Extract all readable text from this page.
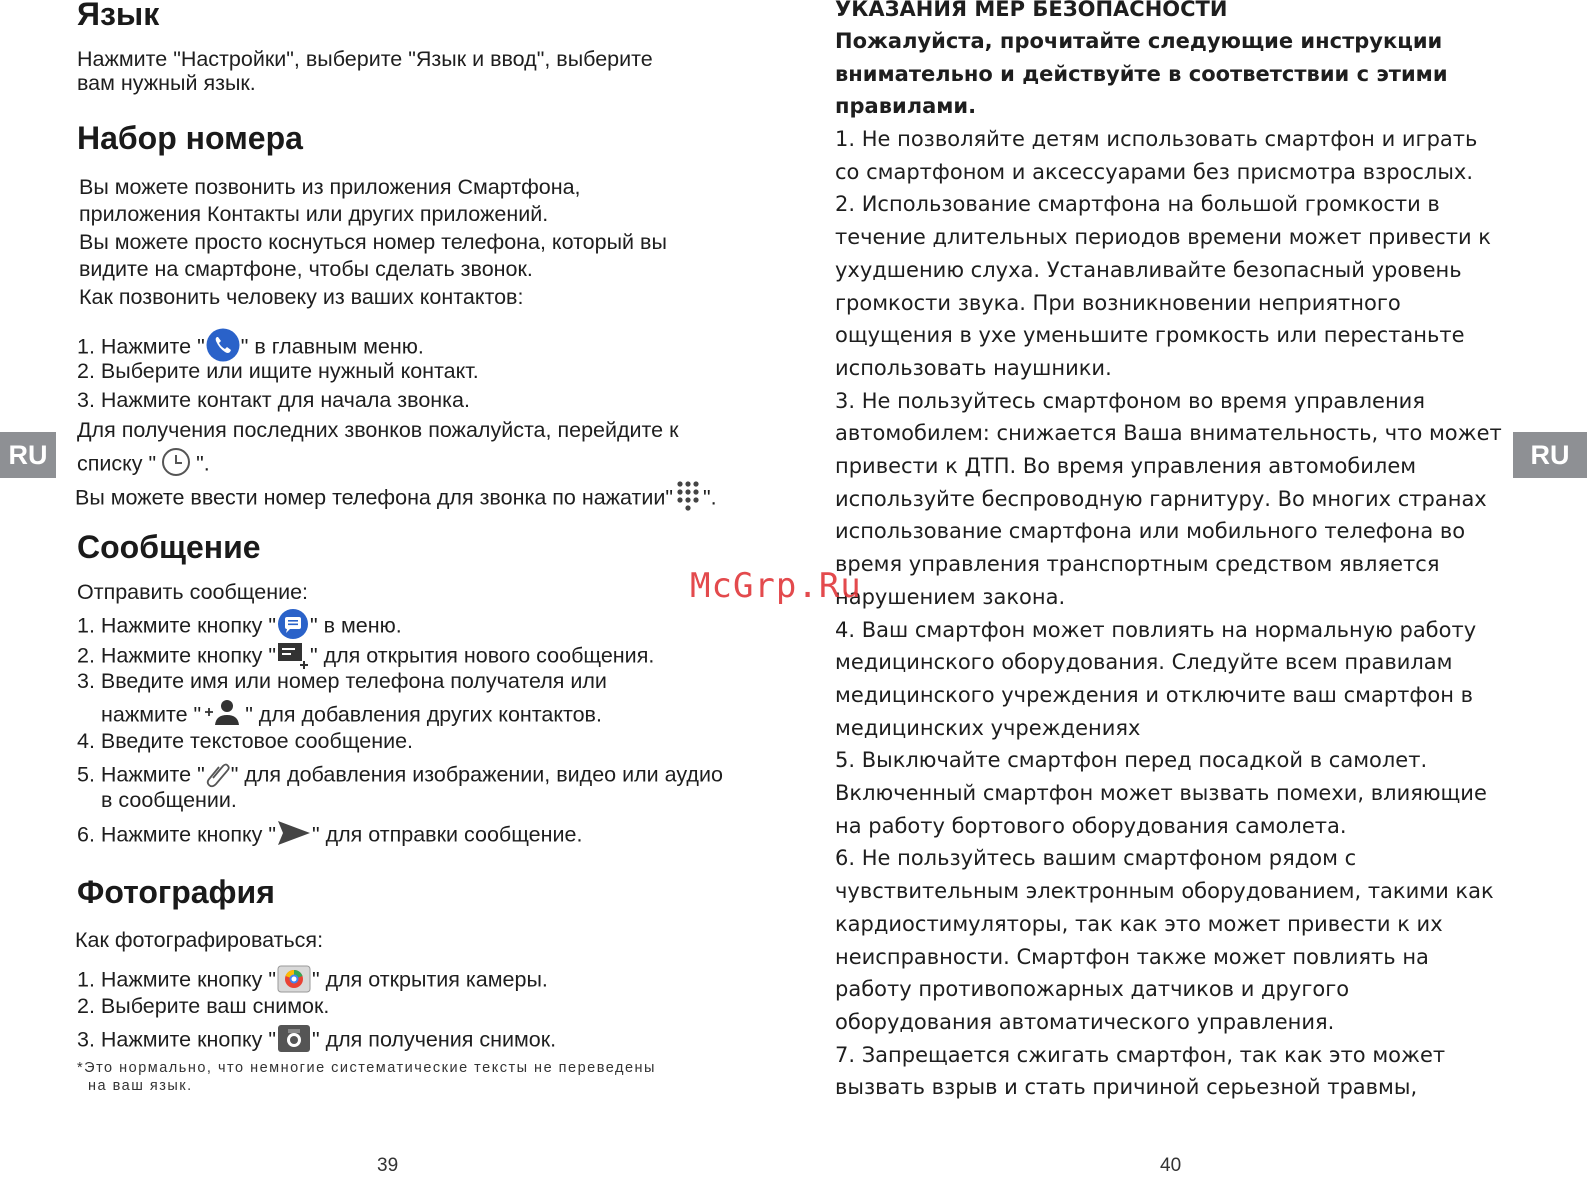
RU	RU
Язык
Нажмите "Настройки", выберите "Язык и ввод", выберите
вам нужный язык.
Набор номера
Вы можете позвонить из приложения Смартфона,
приложения Контакты или других приложений.
Вы можете просто коснуться номер телефона, который вы
видите на смартфоне, чтобы сделать звонок.
Как позвонить человеку из ваших контактов:
1. Нажмите " " в главным меню.
2. Выберите или ищите нужный контакт.
3. Нажмите контакт для начала звонка.
Для получения последних звонков пожалуйста, перейдите к
списку " ".
Вы можете ввести номер телефона для звонка по нажатии" ".
Сообщение
Отправить сообщение:
1. Нажмите кнопку " " в меню.
2. Нажмите кнопку " " для открытия нового сообщения.
3. Введите имя или номер телефона получателя или
нажмите " " для добавления других контактов.
4. Введите текстовое сообщение.
5. Нажмите " " для добавления изображении, видео или аудио
в сообщении.
6. Нажмите кнопку " " для отправки сообщение.
Фотография
Как фотографироваться:
1. Нажмите кнопку " " для открытия камеры.
2. Выберите ваш снимок.
3. Нажмите кнопку " " для получения снимок.
*Это нормально, что немногие систематические тексты не переведены
на ваш язык.
39
УКАЗАНИЯ МЕР БЕЗОПАСНОСТИ
Пожалуйста, прочитайте следующие инструкции
внимательно и действуйте в соответствии с этими
правилами.
1. Не позволяйте детям использовать смартфон и играть
со смартфоном и аксессуарами без присмотра взрослых.
2. Использование смартфона на большой громкости в
течение длительных периодов времени может привести к
ухудшению слуха. Устанавливайте безопасный уровень
громкости звука. При возникновении неприятного
ощущения в ухе уменьшите громкость или перестаньте
использовать наушники.
3. Не пользуйтесь смартфоном во время управления
автомобилем: снижается Ваша внимательность, что может
привести к ДТП. Во время управления автомобилем
используйте беспроводную гарнитуру. Во многих странах
использование смартфона или мобильного телефона во
время управления транспортным средством является
нарушением закона.
4. Ваш смартфон может повлиять на нормальную работу
медицинского оборудования. Следуйте всем правилам
медицинского учреждения и отключите ваш смартфон в
медицинских учреждениях
5. Выключайте смартфон перед посадкой в самолет.
Включенный смартфон может вызвать помехи, влияющие
на работу бортового оборудования самолета.
6. Не пользуйтесь вашим смартфоном рядом с
чувствительным электронным оборудованием, такими как
кардиостимуляторы, так как это может привести к их
неисправности. Смартфон также может повлиять на
работу противопожарных датчиков и другого
оборудования автоматического управления.
7. Запрещается сжигать смартфон, так как это может
вызвать взрыв и стать причиной серьезной травмы,
40
McGrp.Ru
